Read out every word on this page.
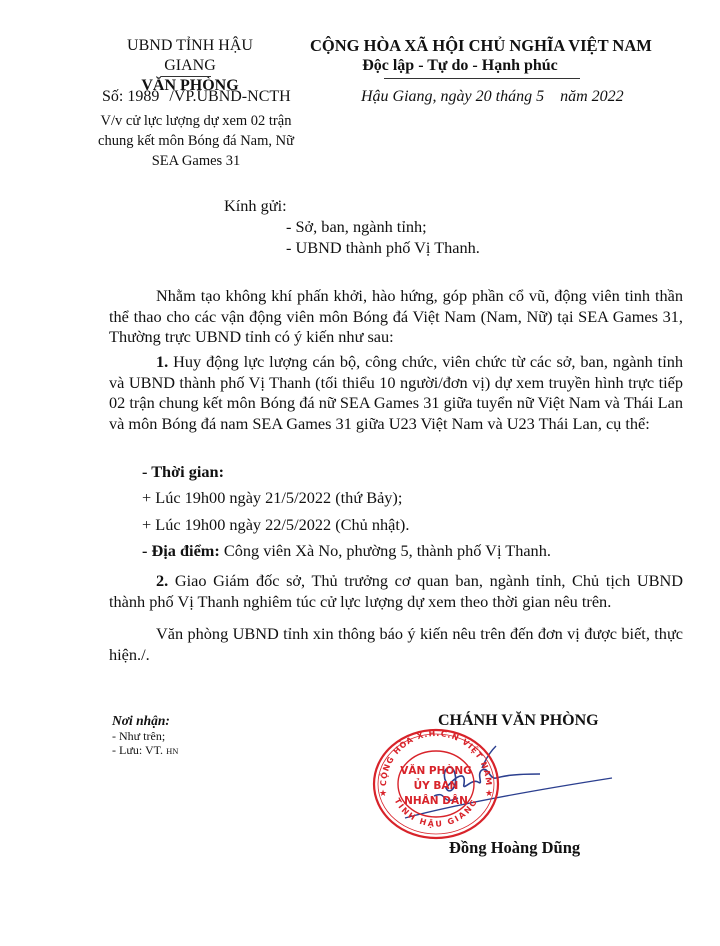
UBND TỈNH HẬU GIANG
VĂN PHÒNG
CỘNG HÒA XÃ HỘI CHỦ NGHĨA VIỆT NAM
Độc lập - Tự do - Hạnh phúc
Số: 1989 /VP.UBND-NCTH	Hậu Giang, ngày 20 tháng 5 năm 2022
V/v cử lực lượng dự xem 02 trận
chung kết môn Bóng đá Nam, Nữ
SEA Games 31
Kính gửi:
- Sở, ban, ngành tỉnh;
- UBND thành phố Vị Thanh.
Nhằm tạo không khí phấn khởi, hào hứng, góp phần cổ vũ, động viên tinh thần thể thao cho các vận động viên môn Bóng đá Việt Nam (Nam, Nữ) tại SEA Games 31, Thường trực UBND tỉnh có ý kiến như sau:
1. Huy động lực lượng cán bộ, công chức, viên chức từ các sở, ban, ngành tỉnh và UBND thành phố Vị Thanh (tối thiểu 10 người/đơn vị) dự xem truyền hình trực tiếp 02 trận chung kết môn Bóng đá nữ SEA Games 31 giữa tuyển nữ Việt Nam và Thái Lan và môn Bóng đá nam SEA Games 31 giữa U23 Việt Nam và U23 Thái Lan, cụ thể:
- Thời gian:
+ Lúc 19h00 ngày 21/5/2022 (thứ Bảy);
+ Lúc 19h00 ngày 22/5/2022 (Chủ nhật).
- Địa điểm: Công viên Xà No, phường 5, thành phố Vị Thanh.
2. Giao Giám đốc sở, Thủ trưởng cơ quan ban, ngành tỉnh, Chủ tịch UBND thành phố Vị Thanh nghiêm túc cử lực lượng dự xem theo thời gian nêu trên.
Văn phòng UBND tỉnh xin thông báo ý kiến nêu trên đến đơn vị được biết, thực hiện./.
Nơi nhận:
- Như trên;
- Lưu: VT. HN
CHÁNH VĂN PHÒNG
CỘNG HÒA X.H.C.N VIỆT NAM
TỈNH HẬU GIANG
VĂN PHÒNG
ỦY BAN
NHÂN DÂN
★	★
Đồng Hoàng Dũng
